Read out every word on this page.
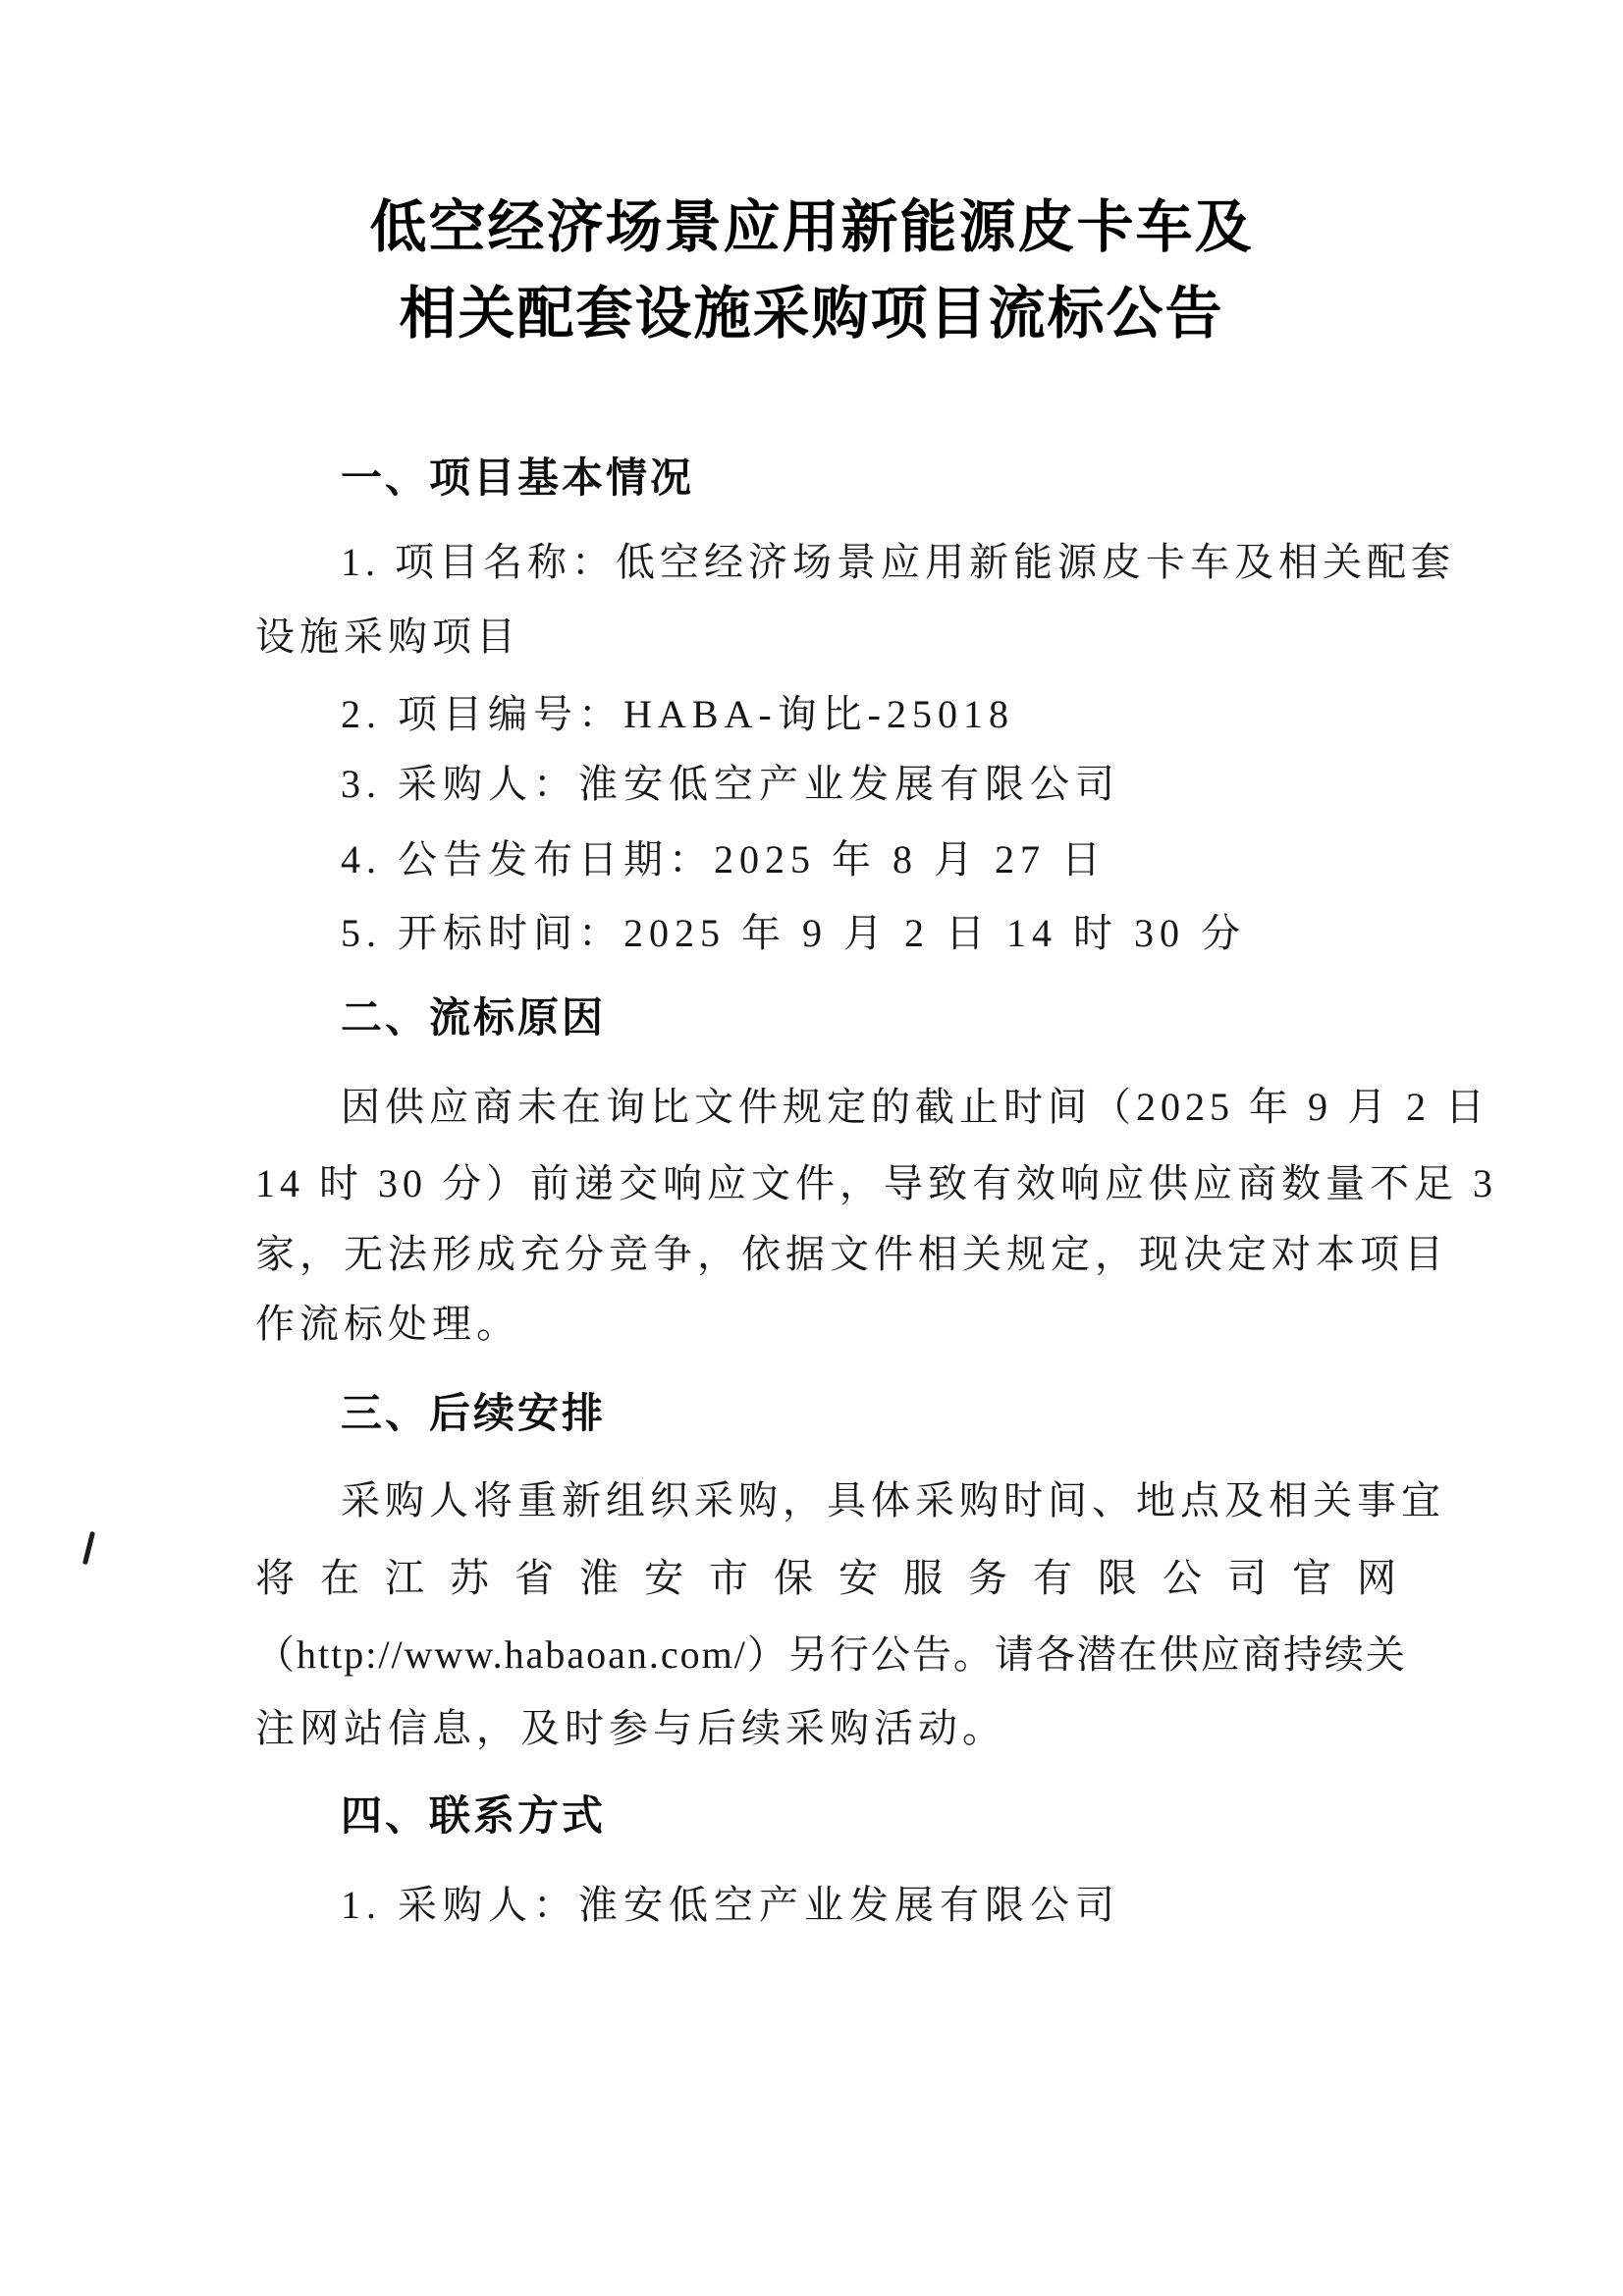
低空经济场景应用新能源皮卡车及
相关配套设施采购项目流标公告
一、项目基本情况
1. 项目名称：低空经济场景应用新能源皮卡车及相关配套
设施采购项目
2. 项目编号：HABA-询比-25018
3. 采购人：淮安低空产业发展有限公司
4. 公告发布日期：2025 年 8 月 27 日
5. 开标时间：2025 年 9 月 2 日 14 时 30 分
二、流标原因
因供应商未在询比文件规定的截止时间（2025 年 9 月 2 日
14 时 30 分）前递交响应文件，导致有效响应供应商数量不足 3
家，无法形成充分竞争，依据文件相关规定，现决定对本项目
作流标处理。
三、后续安排
采购人将重新组织采购，具体采购时间、地点及相关事宜
将在江苏省淮安市保安服务有限公司官网
（http://www.habaoan.com/）另行公告。请各潜在供应商持续关
注网站信息，及时参与后续采购活动。
四、联系方式
1. 采购人：淮安低空产业发展有限公司
